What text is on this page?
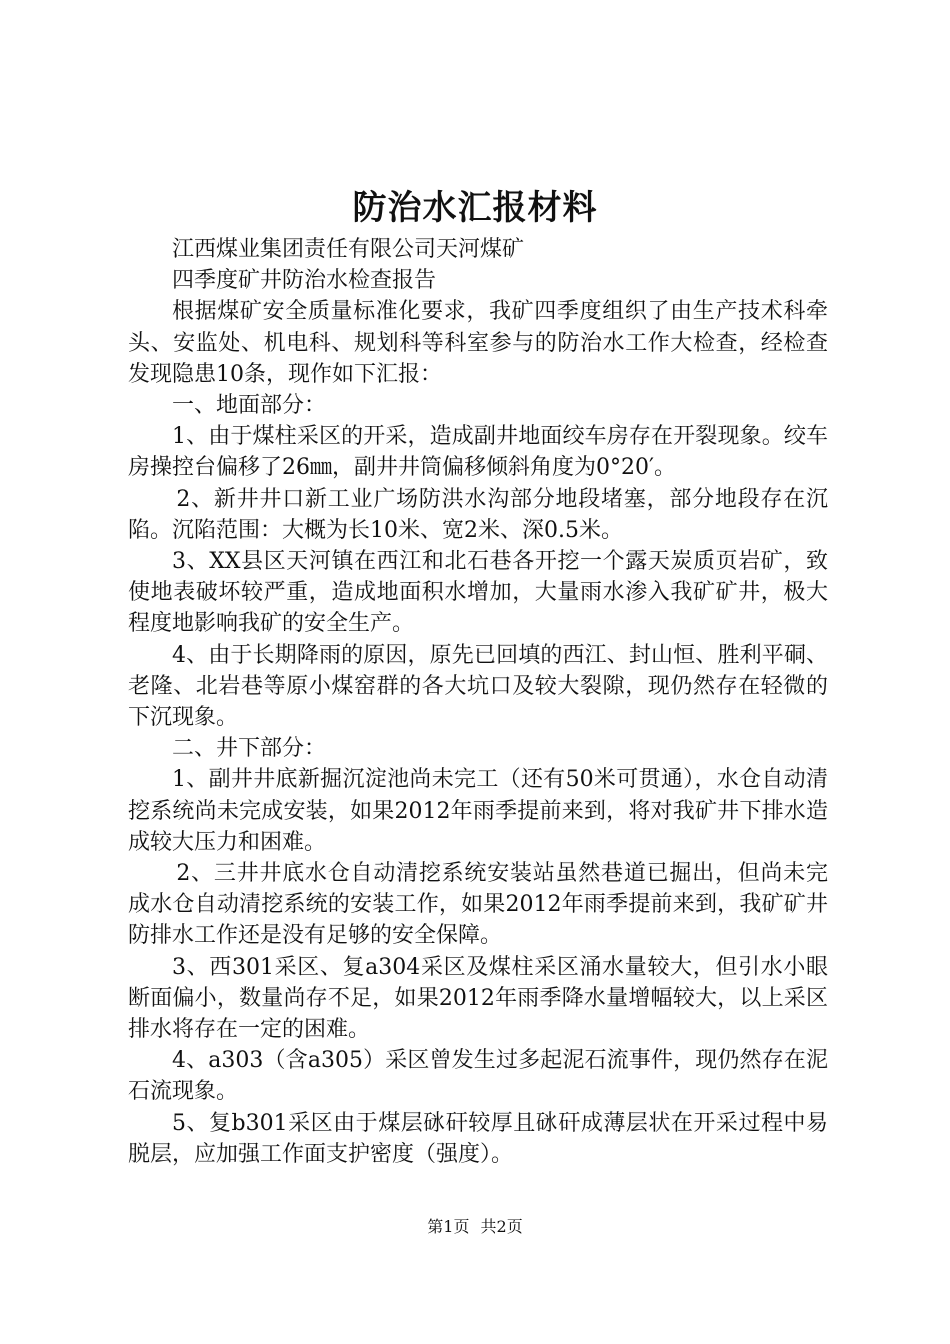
防治水汇报材料

江西煤业集团责任有限公司天河煤矿

四季度矿井防治水检查报告

根据煤矿安全质量标准化要求，我矿四季度组织了由生产技术科牵头、安监处、机电科、规划科等科室参与的防治水工作大检查，经检查发现隐患10条，现作如下汇报：

一、地面部分：

1、由于煤柱采区的开采，造成副井地面绞车房存在开裂现象。绞车房操控台偏移了26㎜，副井井筒偏移倾斜角度为0°20′。

2、新井井口新工业广场防洪水沟部分地段堵塞，部分地段存在沉陷。沉陷范围：大概为长10米、宽2米、深0.5米。

3、XX县区天河镇在西江和北石巷各开挖一个露天炭质页岩矿，致使地表破坏较严重，造成地面积水增加，大量雨水渗入我矿矿井，极大程度地影响我矿的安全生产。

4、由于长期降雨的原因，原先已回填的西江、封山恒、胜利平硐、老隆、北岩巷等原小煤窑群的各大坑口及较大裂隙，现仍然存在轻微的下沉现象。

二、井下部分：

1、副井井底新掘沉淀池尚未完工（还有50米可贯通），水仓自动清挖系统尚未完成安装，如果2012年雨季提前来到，将对我矿井下排水造成较大压力和困难。

2、三井井底水仓自动清挖系统安装站虽然巷道已掘出，但尚未完成水仓自动清挖系统的安装工作，如果2012年雨季提前来到，我矿矿井防排水工作还是没有足够的安全保障。

3、西301采区、复a304采区及煤柱采区涌水量较大，但引水小眼断面偏小，数量尚存不足，如果2012年雨季降水量增幅较大，以上采区排水将存在一定的困难。

4、a303（含a305）采区曾发生过多起泥石流事件，现仍然存在泥石流现象。

5、复b301采区由于煤层砯矸较厚且砯矸成薄层状在开采过程中易脱层，应加强工作面支护密度（强度）。

第1页 共2页
